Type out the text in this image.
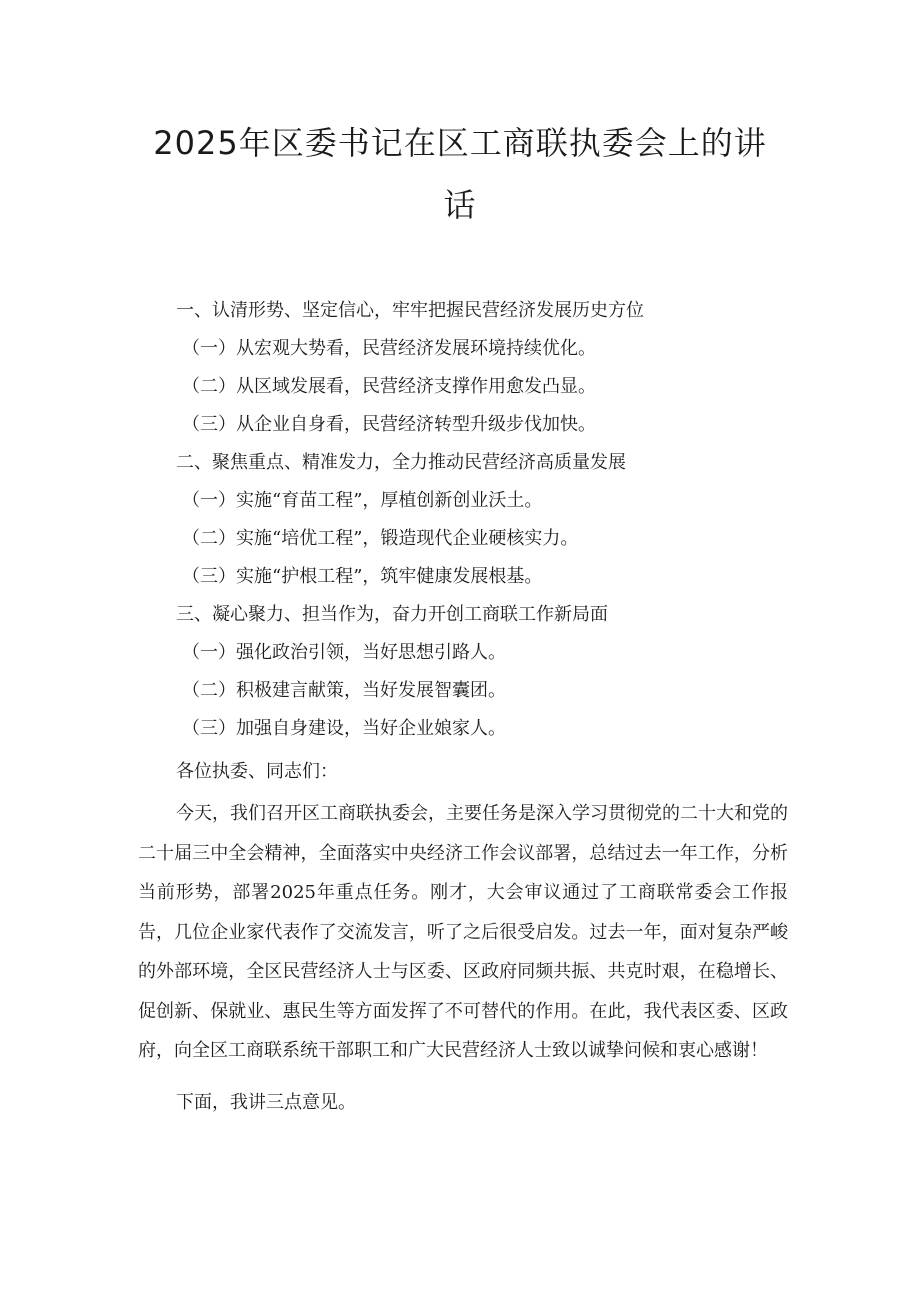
2025年区委书记在区工商联执委会上的讲话
一、认清形势、坚定信心，牢牢把握民营经济发展历史方位
（一）从宏观大势看，民营经济发展环境持续优化。
（二）从区域发展看，民营经济支撑作用愈发凸显。
（三）从企业自身看，民营经济转型升级步伐加快。
二、聚焦重点、精准发力，全力推动民营经济高质量发展
（一）实施“育苗工程”，厚植创新创业沃土。
（二）实施“培优工程”，锻造现代企业硬核实力。
（三）实施“护根工程”，筑牢健康发展根基。
三、凝心聚力、担当作为，奋力开创工商联工作新局面
（一）强化政治引领，当好思想引路人。
（二）积极建言献策，当好发展智囊团。
（三）加强自身建设，当好企业娘家人。
各位执委、同志们：

今天，我们召开区工商联执委会，主要任务是深入学习贯彻党的二十大和党的二十届三中全会精神，全面落实中央经济工作会议部署，总结过去一年工作，分析当前形势，部署2025年重点任务。刚才，大会审议通过了工商联常委会工作报告，几位企业家代表作了交流发言，听了之后很受启发。过去一年，面对复杂严峻的外部环境，全区民营经济人士与区委、区政府同频共振、共克时艰，在稳增长、促创新、保就业、惠民生等方面发挥了不可替代的作用。在此，我代表区委、区政府，向全区工商联系统干部职工和广大民营经济人士致以诚挚问候和衷心感谢！

下面，我讲三点意见。
